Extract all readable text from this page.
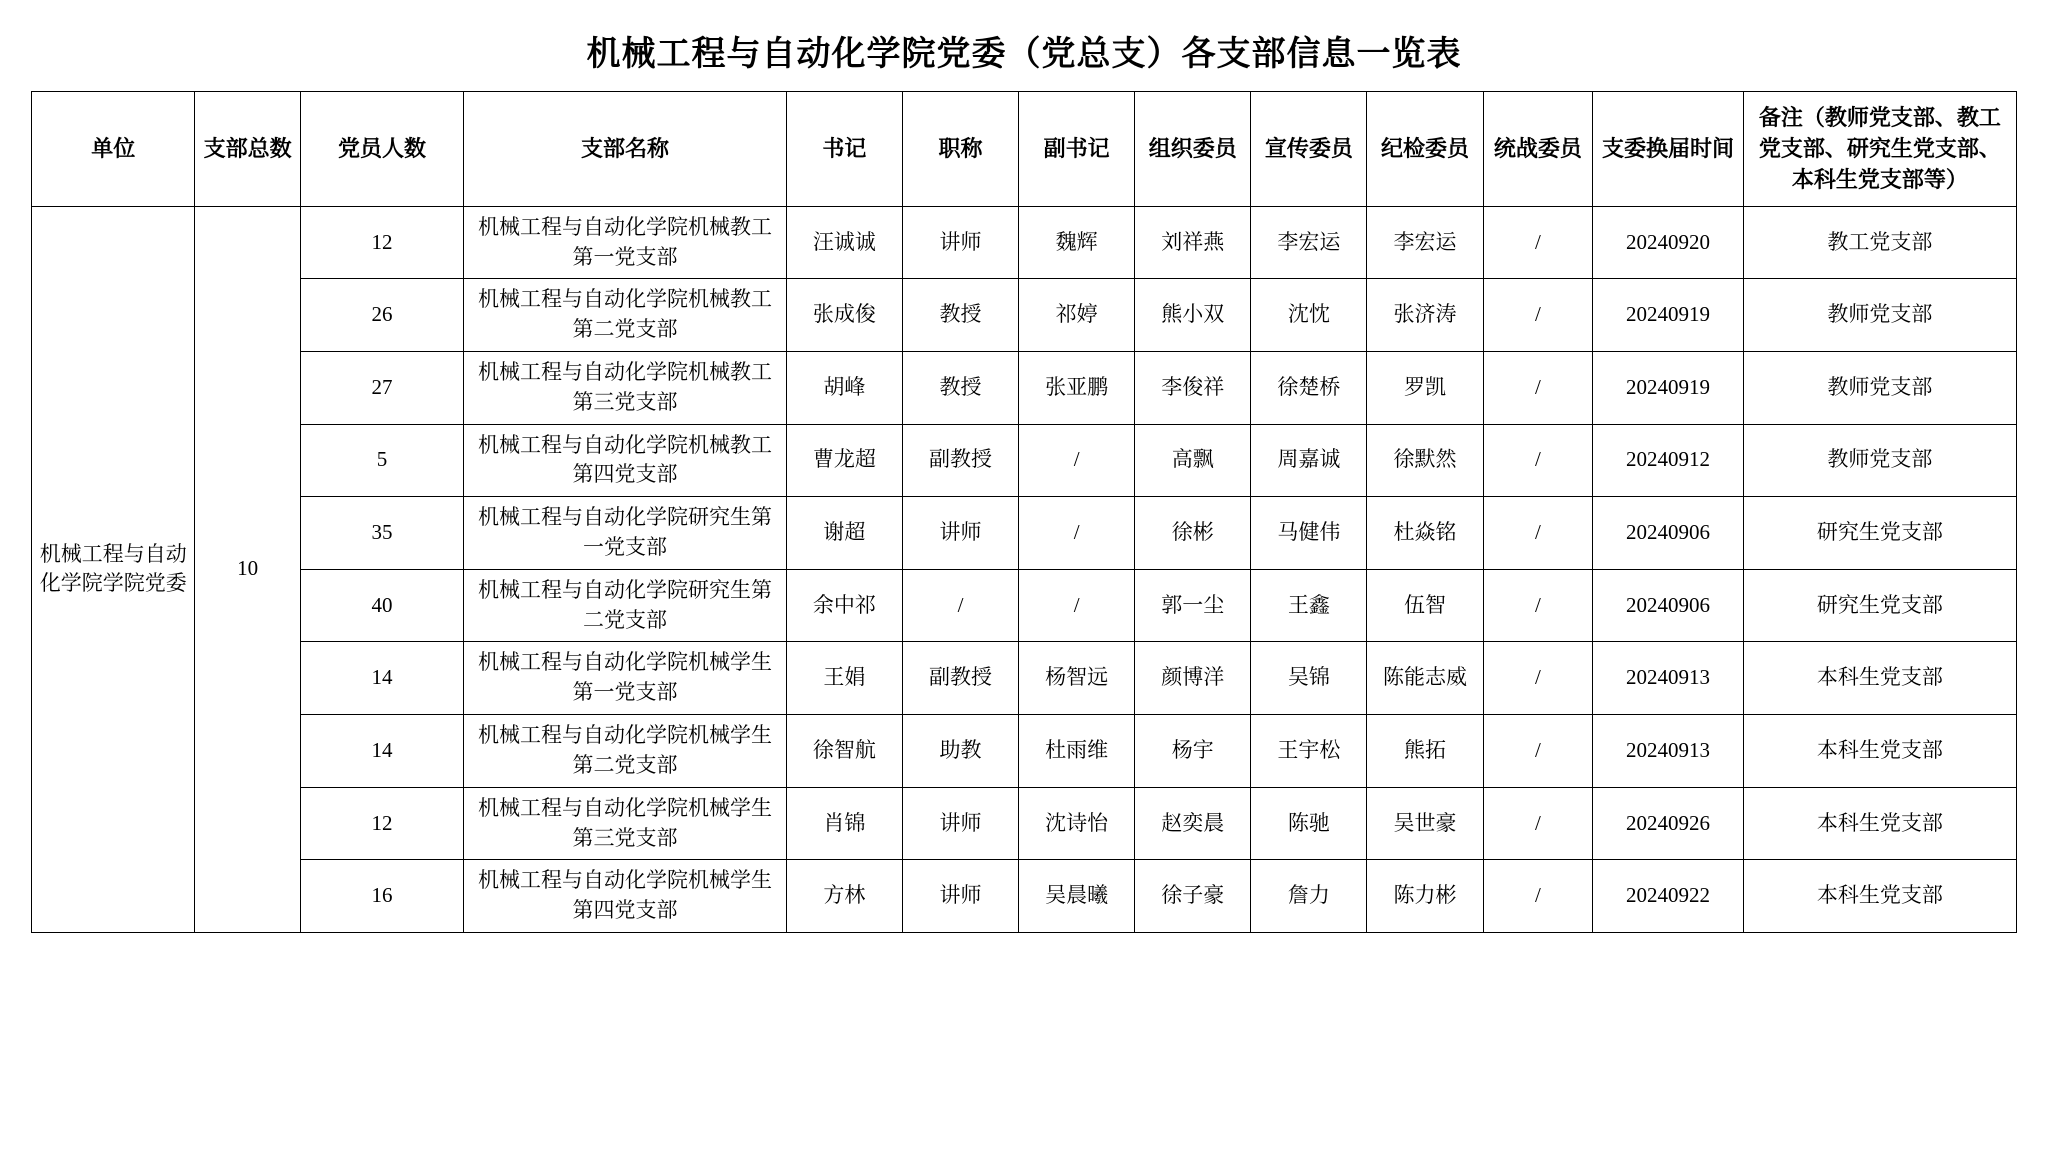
机械工程与自动化学院党委（党总支）各支部信息一览表
单位	支部总数	党员人数	支部名称	书记	职称	副书记	组织委员	宣传委员	纪检委员	统战委员	支委换届时间	备注（教师党支部、教工党支部、研究生党支部、本科生党支部等）
机械工程与自动化学院学院党委	10	12	机械工程与自动化学院机械教工第一党支部	汪诚诚	讲师	魏辉	刘祥燕	李宏运	李宏运	/	20240920	教工党支部
		26	机械工程与自动化学院机械教工第二党支部	张成俊	教授	祁婷	熊小双	沈忱	张济涛	/	20240919	教师党支部
		27	机械工程与自动化学院机械教工第三党支部	胡峰	教授	张亚鹏	李俊祥	徐楚桥	罗凯	/	20240919	教师党支部
		5	机械工程与自动化学院机械教工第四党支部	曹龙超	副教授	/	高飘	周嘉诚	徐默然	/	20240912	教师党支部
		35	机械工程与自动化学院研究生第一党支部	谢超	讲师	/	徐彬	马健伟	杜焱铭	/	20240906	研究生党支部
		40	机械工程与自动化学院研究生第二党支部	余中祁	/	/	郭一尘	王鑫	伍智	/	20240906	研究生党支部
		14	机械工程与自动化学院机械学生第一党支部	王娟	副教授	杨智远	颜博洋	吴锦	陈能志威	/	20240913	本科生党支部
		14	机械工程与自动化学院机械学生第二党支部	徐智航	助教	杜雨维	杨宇	王宇松	熊拓	/	20240913	本科生党支部
		12	机械工程与自动化学院机械学生第三党支部	肖锦	讲师	沈诗怡	赵奕晨	陈驰	吴世豪	/	20240926	本科生党支部
		16	机械工程与自动化学院机械学生第四党支部	方林	讲师	吴晨曦	徐子豪	詹力	陈力彬	/	20240922	本科生党支部
